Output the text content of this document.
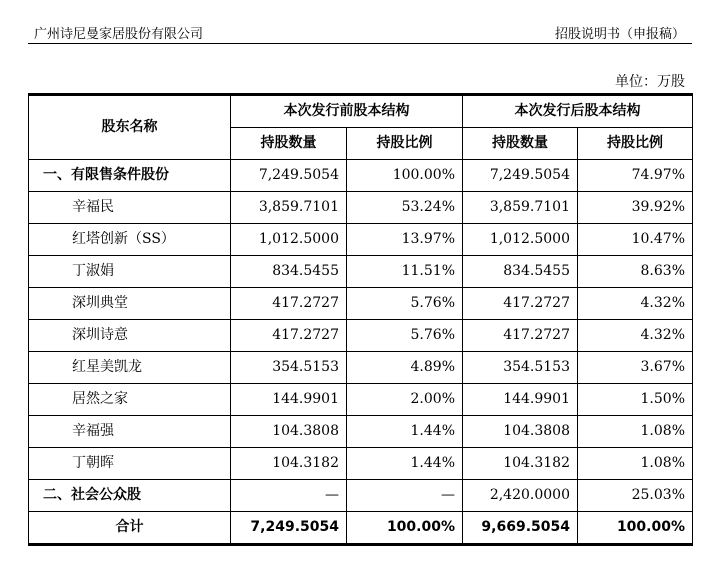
广州诗尼曼家居股份有限公司	招股说明书（申报稿）
单位：万股
股东名称	本次发行前股本结构		本次发行后股本结构	
	持股数量	持股比例	持股数量	持股比例
一、有限售条件股份	7,249.5054	100.00%	7,249.5054	74.97%
辛福民	3,859.7101	53.24%	3,859.7101	39.92%
红塔创新（SS）	1,012.5000	13.97%	1,012.5000	10.47%
丁淑娟	834.5455	11.51%	834.5455	8.63%
深圳典堂	417.2727	5.76%	417.2727	4.32%
深圳诗意	417.2727	5.76%	417.2727	4.32%
红星美凯龙	354.5153	4.89%	354.5153	3.67%
居然之家	144.9901	2.00%	144.9901	1.50%
辛福强	104.3808	1.44%	104.3808	1.08%
丁朝晖	104.3182	1.44%	104.3182	1.08%
二、社会公众股	—	—	2,420.0000	25.03%
合计	7,249.5054	100.00%	9,669.5054	100.00%
